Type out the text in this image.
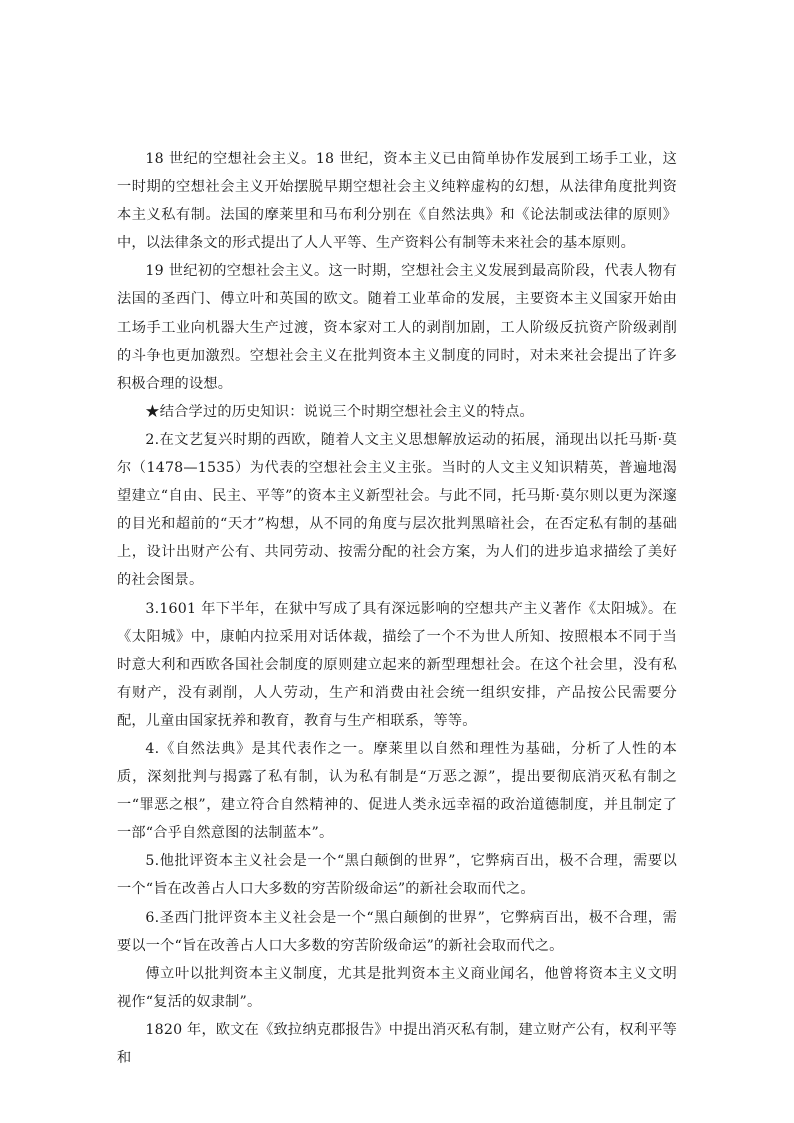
18 世纪的空想社会主义。18 世纪，资本主义已由简单协作发展到工场手工业，这一时期的空想社会主义开始摆脱早期空想社会主义纯粹虚构的幻想，从法律角度批判资本主义私有制。法国的摩莱里和马布利分别在《自然法典》和《论法制或法律的原则》中，以法律条文的形式提出了人人平等、生产资料公有制等未来社会的基本原则。

19 世纪初的空想社会主义。这一时期，空想社会主义发展到最高阶段，代表人物有法国的圣西门、傅立叶和英国的欧文。随着工业革命的发展，主要资本主义国家开始由工场手工业向机器大生产过渡，资本家对工人的剥削加剧，工人阶级反抗资产阶级剥削的斗争也更加激烈。空想社会主义在批判资本主义制度的同时，对未来社会提出了许多积极合理的设想。

★结合学过的历史知识：说说三个时期空想社会主义的特点。

2.在文艺复兴时期的西欧，随着人文主义思想解放运动的拓展，涌现出以托马斯·莫尔（1478—1535）为代表的空想社会主义主张。当时的人文主义知识精英，普遍地渴望建立“自由、民主、平等”的资本主义新型社会。与此不同，托马斯·莫尔则以更为深邃的目光和超前的“天才”构想，从不同的角度与层次批判黑暗社会，在否定私有制的基础上，设计出财产公有、共同劳动、按需分配的社会方案，为人们的进步追求描绘了美好的社会图景。

3.1601 年下半年，在狱中写成了具有深远影响的空想共产主义著作《太阳城》。在《太阳城》中，康帕内拉采用对话体裁，描绘了一个不为世人所知、按照根本不同于当时意大利和西欧各国社会制度的原则建立起来的新型理想社会。在这个社会里，没有私有财产，没有剥削，人人劳动，生产和消费由社会统一组织安排，产品按公民需要分配，儿童由国家抚养和教育，教育与生产相联系，等等。

4.《自然法典》是其代表作之一。摩莱里以自然和理性为基础，分析了人性的本质，深刻批判与揭露了私有制，认为私有制是“万恶之源”，提出要彻底消灭私有制之一“罪恶之根”，建立符合自然精神的、促进人类永远幸福的政治道德制度，并且制定了一部“合乎自然意图的法制蓝本”。

5.他批评资本主义社会是一个“黑白颠倒的世界”，它弊病百出，极不合理，需要以一个“旨在改善占人口大多数的穷苦阶级命运”的新社会取而代之。

6.圣西门批评资本主义社会是一个“黑白颠倒的世界”，它弊病百出，极不合理，需要以一个“旨在改善占人口大多数的穷苦阶级命运”的新社会取而代之。

傅立叶以批判资本主义制度，尤其是批判资本主义商业闻名，他曾将资本主义文明视作“复活的奴隶制”。

1820 年，欧文在《致拉纳克郡报告》中提出消灭私有制，建立财产公有，权利平等和
